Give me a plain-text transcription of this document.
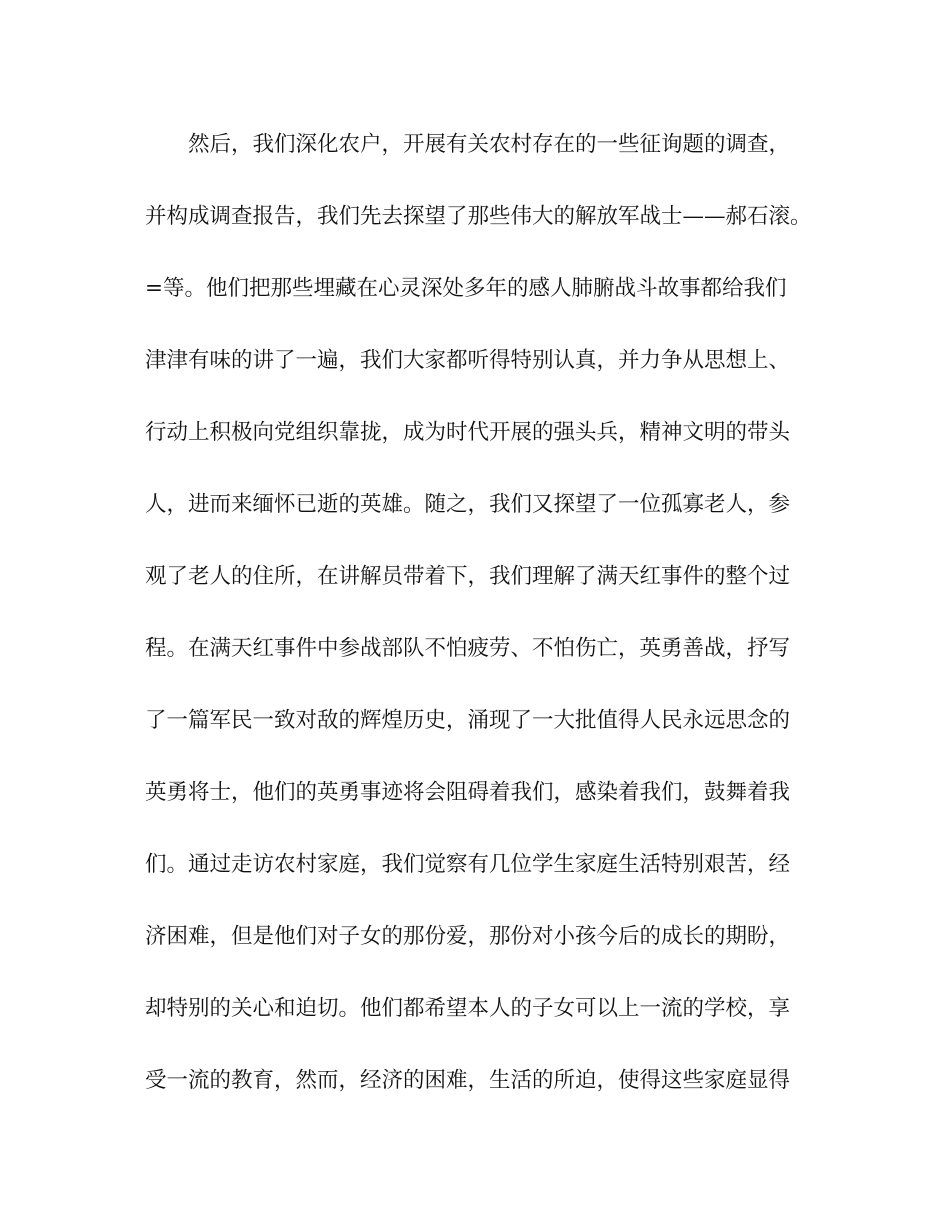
然后，我们深化农户，开展有关农村存在的一些征询题的调查，
并构成调查报告，我们先去探望了那些伟大的解放军战士——郝石滚。
=等。他们把那些埋藏在心灵深处多年的感人肺腑战斗故事都给我们
津津有味的讲了一遍，我们大家都听得特别认真，并力争从思想上、
行动上积极向党组织靠拢，成为时代开展的强头兵，精神文明的带头
人，进而来缅怀已逝的英雄。随之，我们又探望了一位孤寡老人，参
观了老人的住所，在讲解员带着下，我们理解了满天红事件的整个过
程。在满天红事件中参战部队不怕疲劳、不怕伤亡，英勇善战，抒写
了一篇军民一致对敌的辉煌历史，涌现了一大批值得人民永远思念的
英勇将士，他们的英勇事迹将会阻碍着我们，感染着我们，鼓舞着我
们。通过走访农村家庭，我们觉察有几位学生家庭生活特别艰苦，经
济困难，但是他们对子女的那份爱，那份对小孩今后的成长的期盼，
却特别的关心和迫切。他们都希望本人的子女可以上一流的学校，享
受一流的教育，然而，经济的困难，生活的所迫，使得这些家庭显得
